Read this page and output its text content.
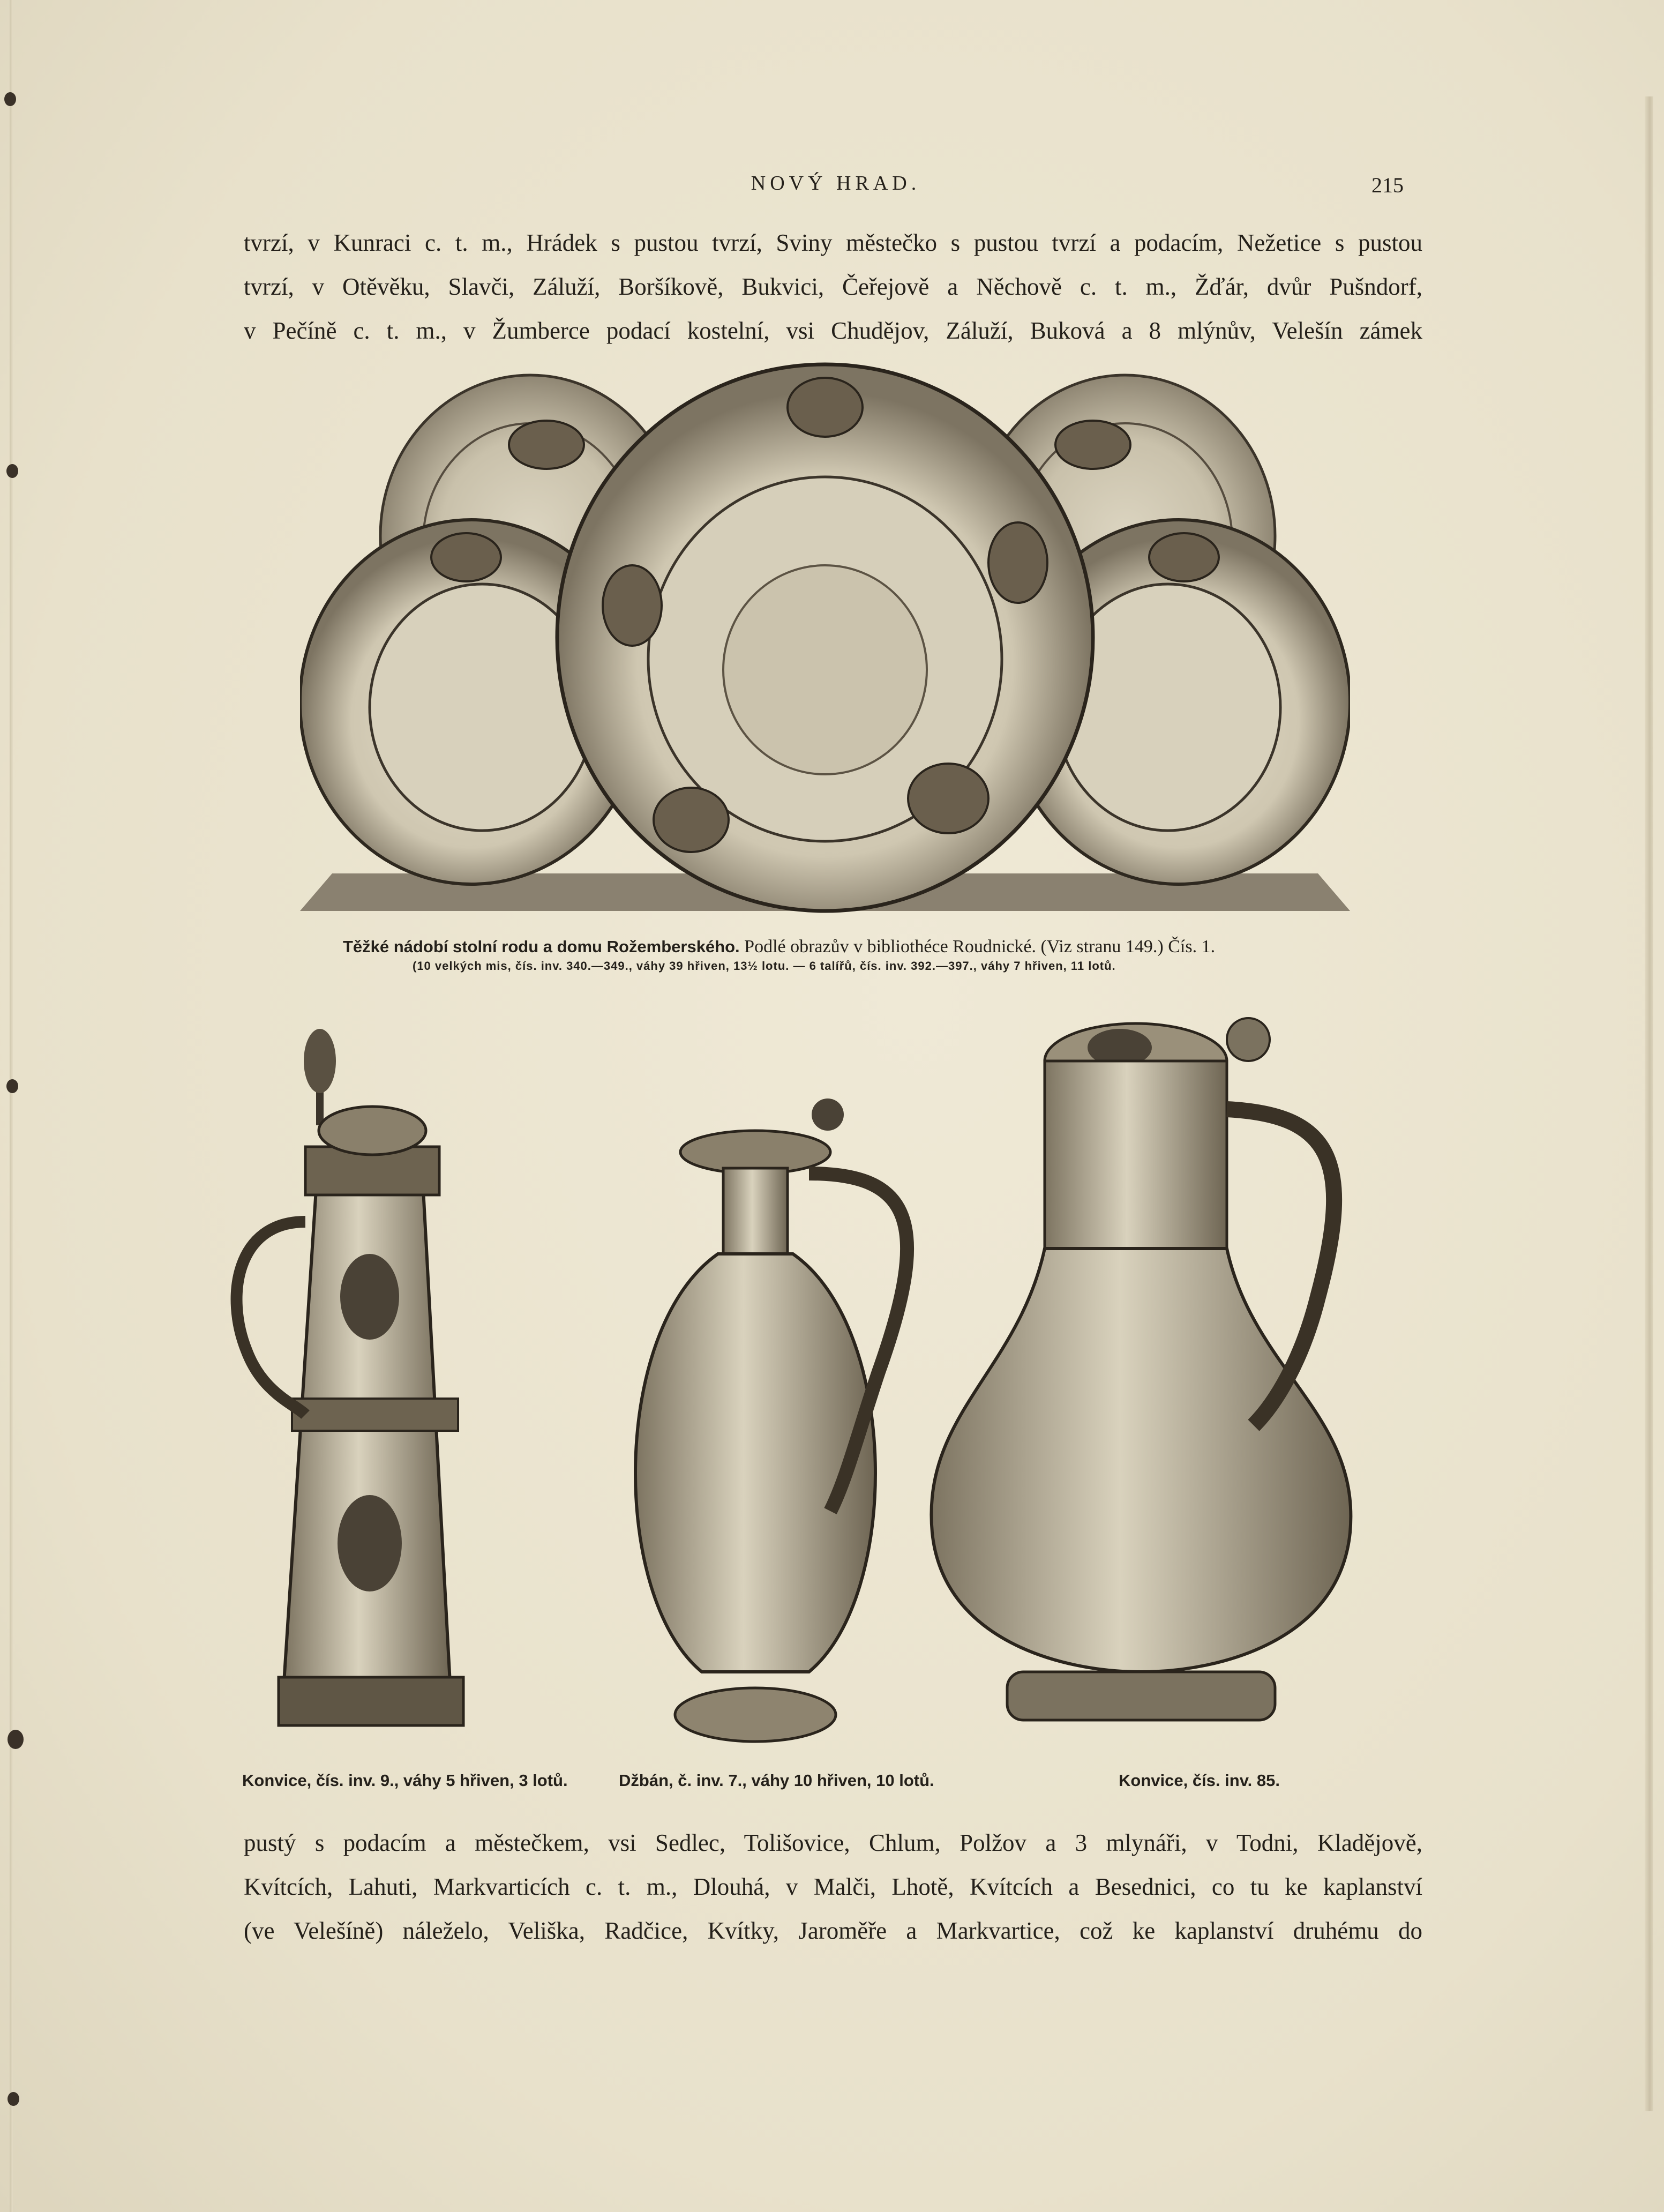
NOVÝ HRAD.	215
tvrzí, v Kunraci c. t. m., Hrádek s pustou tvrzí, Sviny městečko s pustou tvrzí a podacím, Nežetice s pustou
tvrzí, v Otěvěku, Slavči, Záluží, Boršíkově, Bukvici, Čeřejově a Něchově c. t. m., Žďár, dvůr Pušndorf,
v Pečíně c. t. m., v Žumberce podací kostelní, vsi Chudějov, Záluží, Buková a 8 mlýnův, Velešín zámek
Těžké nádobí stolní rodu a domu Rožemberského. Podlé obrazův v bibliothéce Roudnické. (Viz stranu 149.) Čís. 1.
(10 velkých mis, čís. inv. 340.—349., váhy 39 hřiven, 13½ lotu. — 6 talířů, čís. inv. 392.—397., váhy 7 hřiven, 11 lotů.
Konvice, čís. inv. 9., váhy 5 hřiven, 3 lotů.	Džbán, č. inv. 7., váhy 10 hřiven, 10 lotů.	Konvice, čís. inv. 85.
pustý s podacím a městečkem, vsi Sedlec, Tolišovice, Chlum, Polžov a 3 mlynáři, v Todni, Kladějově,
Kvítcích, Lahuti, Markvarticích c. t. m., Dlouhá, v Malči, Lhotě, Kvítcích a Besednici, co tu ke kaplanství
(ve Velešíně) náleželo, Veliška, Radčice, Kvítky, Jaroměře a Markvartice, což ke kaplanství druhému do
